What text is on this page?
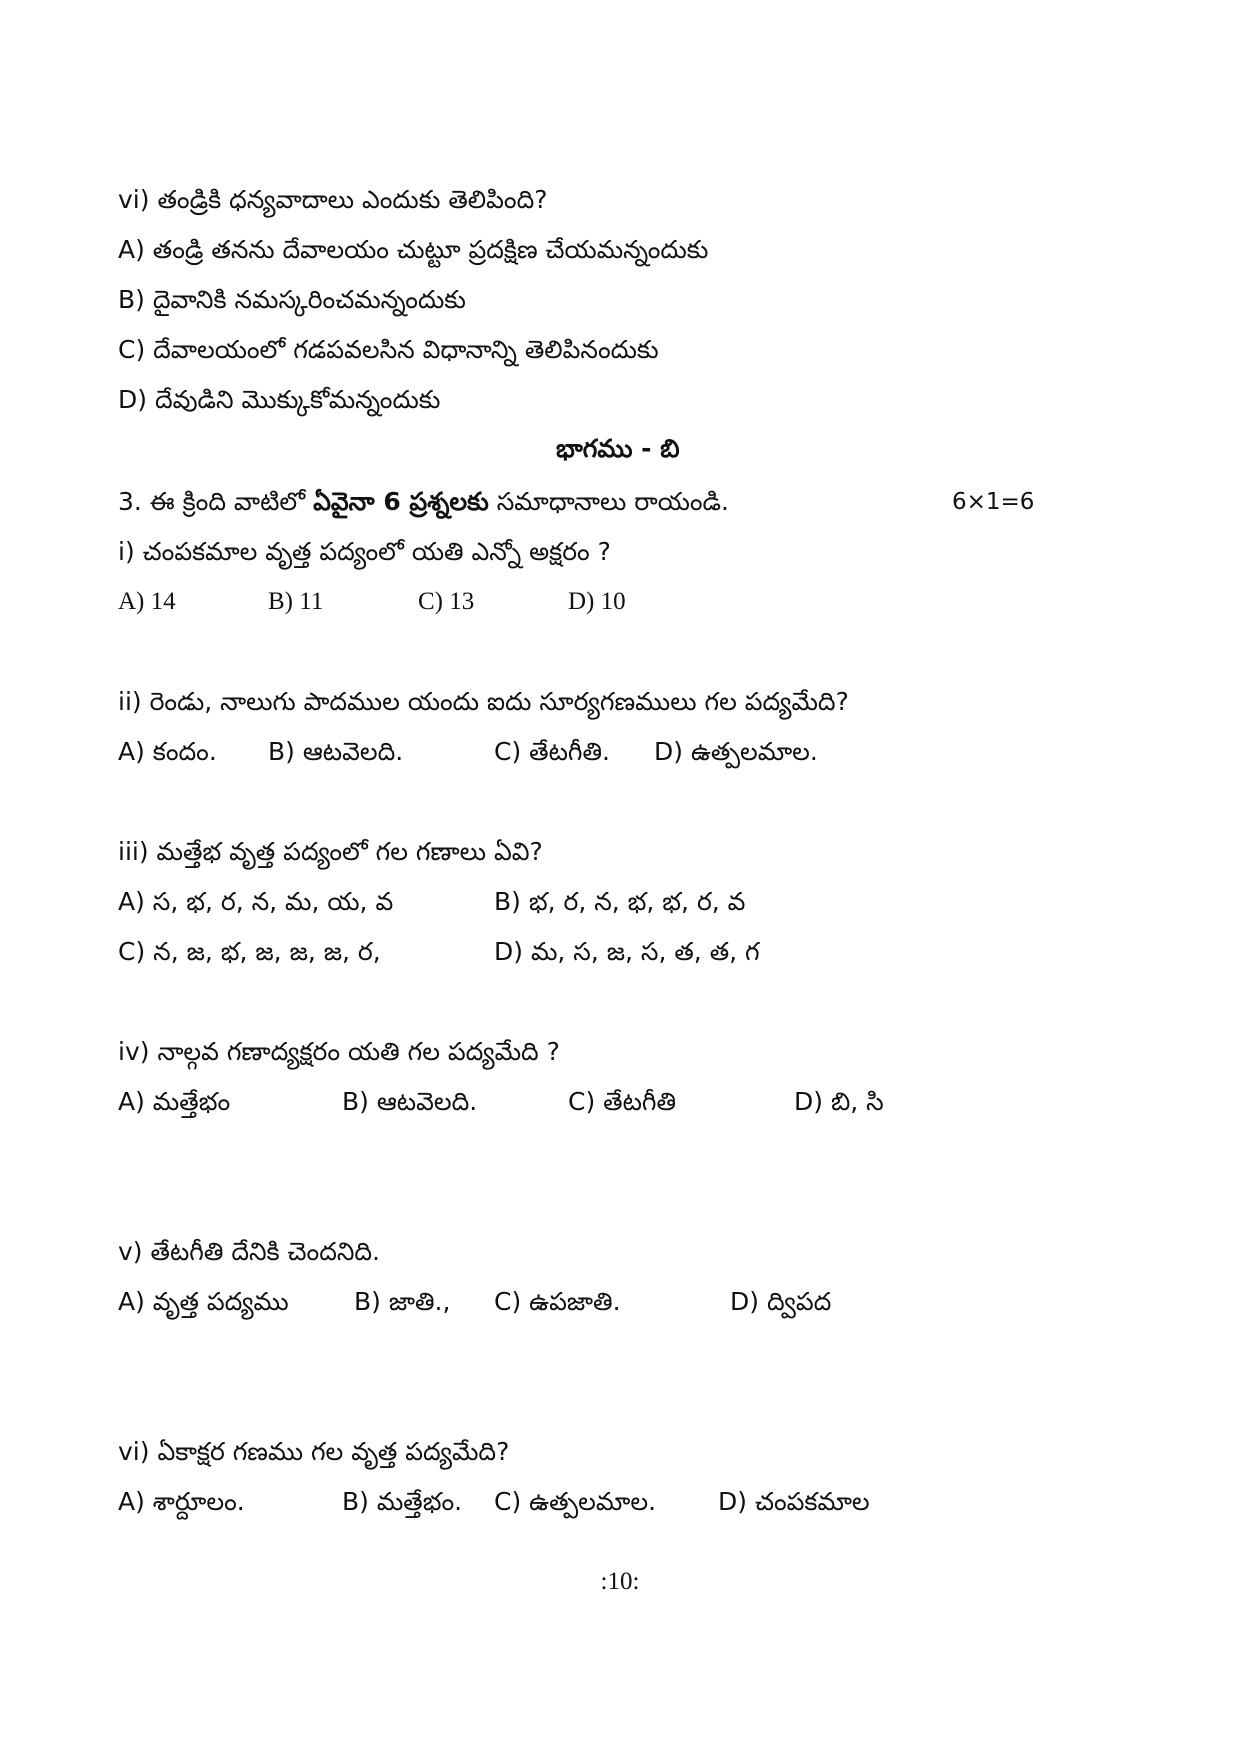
vi) తండ్రికి ధన్యవాదాలు ఎందుకు తెలిపింది?
A) తండ్రి తనను దేవాలయం చుట్టూ ప్రదక్షిణ చేయమన్నందుకు
B) దైవానికి నమస్కరించమన్నందుకు
C) దేవాలయంలో గడపవలసిన విధానాన్ని తెలిపినందుకు
D) దేవుడిని మొక్కుకోమన్నందుకు
భాగము - బి
3. ఈ క్రింది వాటిలో ఏవైనా 6 ప్రశ్నలకు సమాధానాలు రాయండి.	6×1=6
i) చంపకమాల వృత్త పద్యంలో యతి ఎన్నో అక్షరం ?
A) 14	B) 11	C) 13	D) 10
ii) రెండు, నాలుగు పాదముల యందు ఐదు సూర్యగణములు గల పద్యమేది?
A) కందం. B) ఆటవెలది.	C) తేటగీతి. D) ఉత్పలమాల.
iii) మత్తేభ వృత్త పద్యంలో గల గణాలు ఏవి?
A) స, భ, ర, న, మ, య, వ	B) భ, ర, న, భ, భ, ర, వ
C) న, జ, భ, జ, జ, జ, ర,	D) మ, స, జ, స, త, త, గ
iv) నాల్గవ గణాద్యక్షరం యతి గల పద్యమేది ?
A) మత్తేభం	B) ఆటవెలది.	C) తేటగీతి	D) బి, సి
v) తేటగీతి దేనికి చెందనిది.
A) వృత్త పద్యము	B) జాతి., C) ఉపజాతి.	D) ద్విపద
vi) ఏకాక్షర గణము గల వృత్త పద్యమేది?
A) శార్దూలం.	B) మత్తేభం. C) ఉత్పలమాల. D) చంపకమాల
:10:
